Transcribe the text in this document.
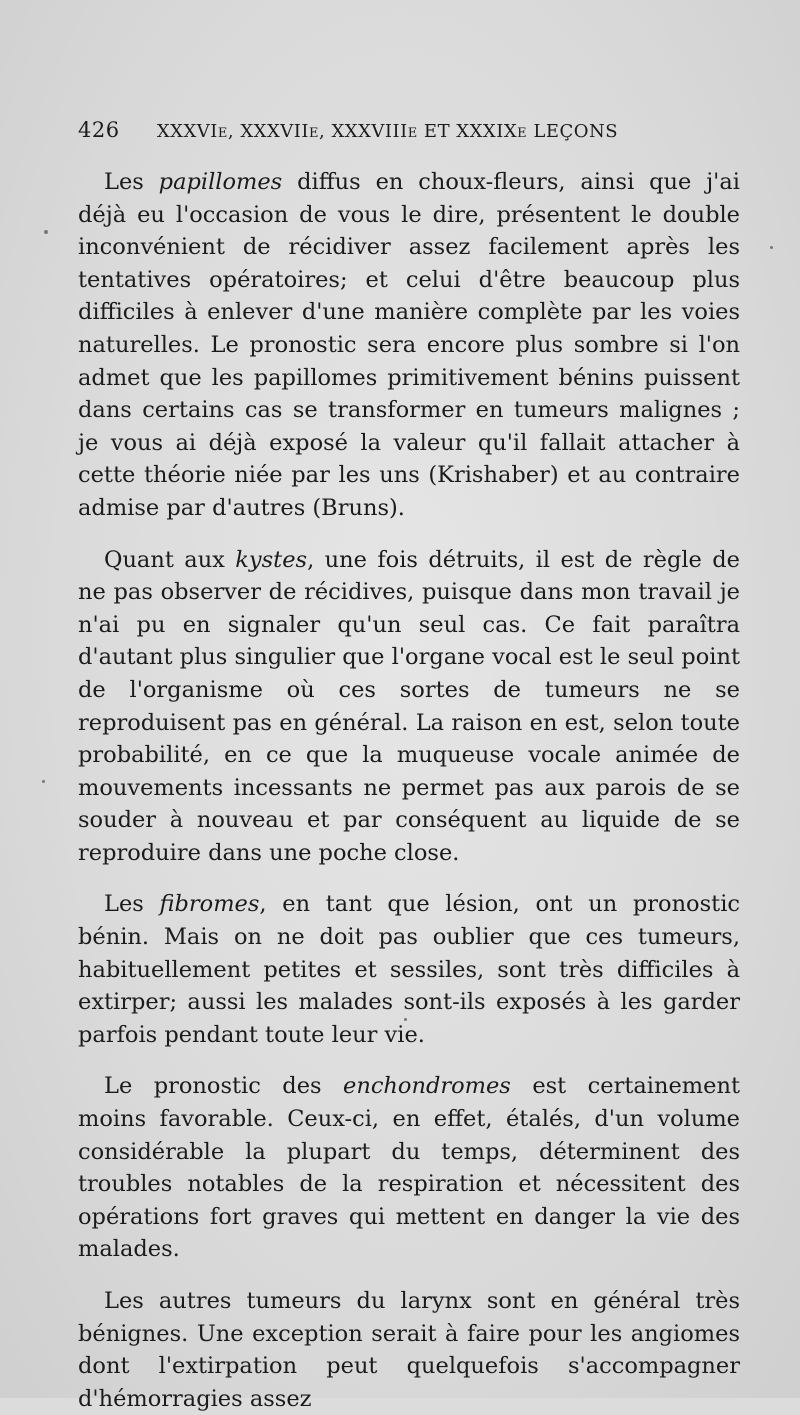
426 XXXVIe, XXXVIIe, XXXVIIIe ET XXXIXe LEÇONS

Les papillomes diffus en choux-fleurs, ainsi que j'ai déjà eu l'occasion de vous le dire, présentent le double inconvénient de récidiver assez facilement après les tentatives opératoires; et celui d'être beaucoup plus difficiles à enlever d'une manière complète par les voies naturelles. Le pronostic sera encore plus sombre si l'on admet que les papillomes primitivement bénins puissent dans certains cas se transformer en tumeurs malignes ; je vous ai déjà exposé la valeur qu'il fallait attacher à cette théorie niée par les uns (Krishaber) et au contraire admise par d'autres (Bruns).

Quant aux kystes, une fois détruits, il est de règle de ne pas observer de récidives, puisque dans mon travail je n'ai pu en signaler qu'un seul cas. Ce fait paraîtra d'autant plus singulier que l'organe vocal est le seul point de l'organisme où ces sortes de tumeurs ne se reproduisent pas en général. La raison en est, selon toute probabilité, en ce que la muqueuse vocale animée de mouvements incessants ne permet pas aux parois de se souder à nouveau et par conséquent au liquide de se reproduire dans une poche close.

Les fibromes, en tant que lésion, ont un pronostic bénin. Mais on ne doit pas oublier que ces tumeurs, habituellement petites et sessiles, sont très difficiles à extirper; aussi les malades sont-ils exposés à les garder parfois pendant toute leur vie.

Le pronostic des enchondromes est certainement moins favorable. Ceux-ci, en effet, étalés, d'un volume considérable la plupart du temps, déterminent des troubles notables de la respiration et nécessitent des opérations fort graves qui mettent en danger la vie des malades.

Les autres tumeurs du larynx sont en général très bénignes. Une exception serait à faire pour les angiomes dont l'extirpation peut quelquefois s'accompagner d'hémorragies assez
